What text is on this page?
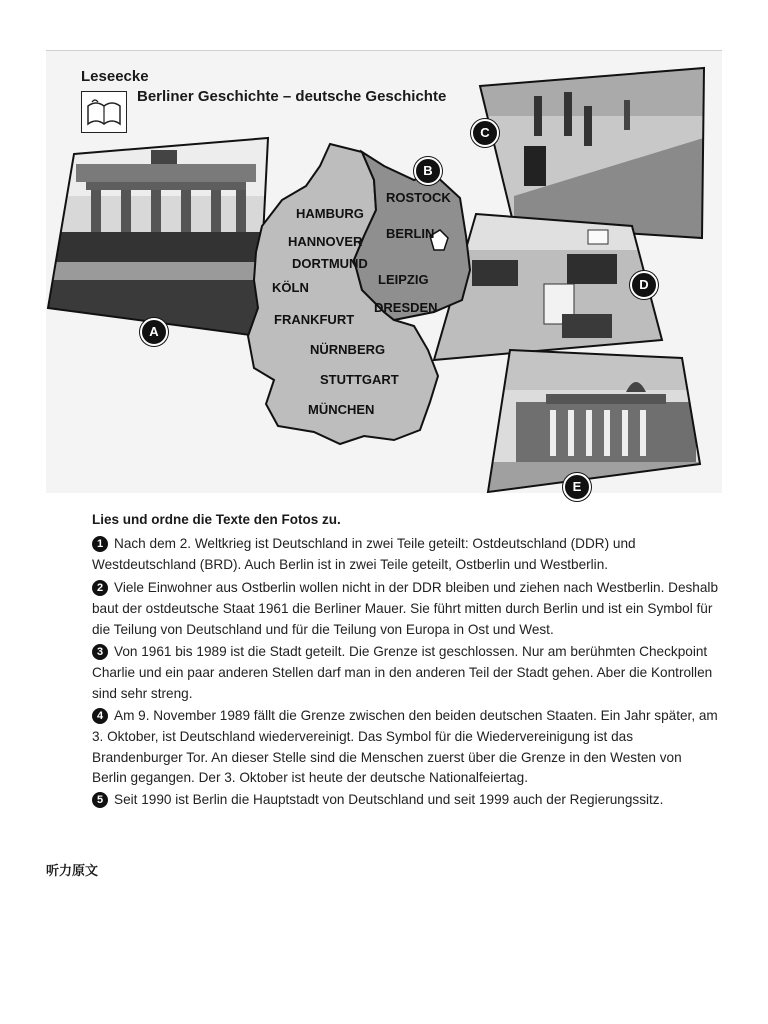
Leseecke
Berliner Geschichte – deutsche Geschichte
HAMBURG
HANNOVER
DORTMUND
KÖLN
FRANKFURT
NÜRNBERG
STUTTGART
MÜNCHEN
ROSTOCK
BERLIN
LEIPZIG
DRESDEN
A
B
C
D
E
Lies und ordne die Texte den Fotos zu.
1 Nach dem 2. Weltkrieg ist Deutschland in zwei Teile geteilt: Ostdeutschland (DDR) und Westdeutschland (BRD). Auch Berlin ist in zwei Teile geteilt, Ostberlin und Westberlin.
2 Viele Einwohner aus Ostberlin wollen nicht in der DDR bleiben und ziehen nach Westberlin. Deshalb baut der ostdeutsche Staat 1961 die Berliner Mauer. Sie führt mitten durch Berlin und ist ein Symbol für die Teilung von Deutschland und für die Teilung von Europa in Ost und West.
3 Von 1961 bis 1989 ist die Stadt geteilt. Die Grenze ist geschlossen. Nur am berühmten Checkpoint Charlie und ein paar anderen Stellen darf man in den anderen Teil der Stadt gehen. Aber die Kontrollen sind sehr streng.
4 Am 9. November 1989 fällt die Grenze zwischen den beiden deutschen Staaten. Ein Jahr später, am 3. Oktober, ist Deutschland wiedervereinigt. Das Symbol für die Wiedervereinigung ist das Brandenburger Tor. An dieser Stelle sind die Menschen zuerst über die Grenze in den Westen von Berlin gegangen. Der 3. Oktober ist heute der deutsche Nationalfeiertag.
5 Seit 1990 ist Berlin die Hauptstadt von Deutschland und seit 1999 auch der Regierungssitz.
听力原文
